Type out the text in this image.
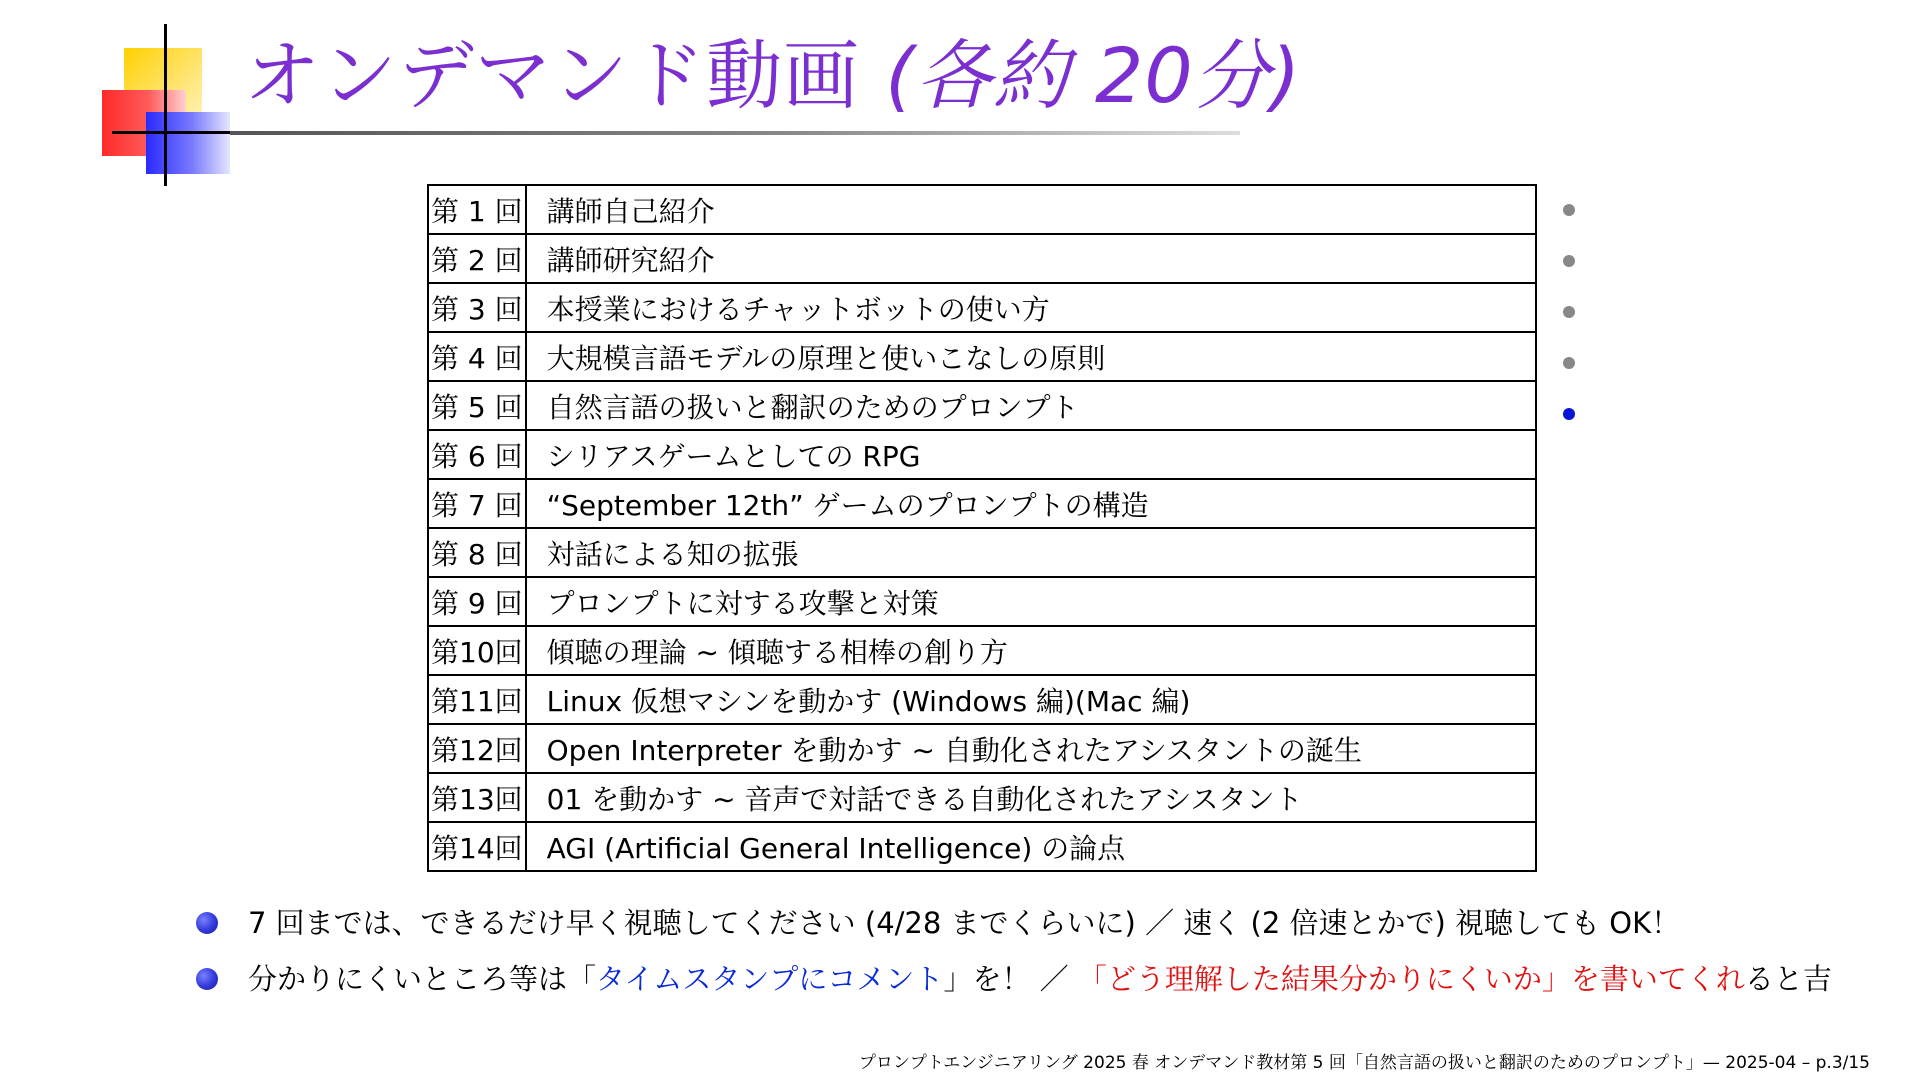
オンデマンド動画 (各約 20分)
第 1 回	講師自己紹介
第 2 回	講師研究紹介
第 3 回	本授業におけるチャットボットの使い方
第 4 回	大規模言語モデルの原理と使いこなしの原則
第 5 回	自然言語の扱いと翻訳のためのプロンプト
第 6 回	シリアスゲームとしての RPG
第 7 回	“September 12th” ゲームのプロンプトの構造
第 8 回	対話による知の拡張
第 9 回	プロンプトに対する攻撃と対策
第10回	傾聴の理論 ∼ 傾聴する相棒の創り方
第11回	Linux 仮想マシンを動かす (Windows 編)(Mac 編)
第12回	Open Interpreter を動かす ∼ 自動化されたアシスタントの誕生
第13回	01 を動かす ∼ 音声で対話できる自動化されたアシスタント
第14回	AGI (Artificial General Intelligence) の論点
7 回までは、できるだけ早く視聴してください (4/28 までくらいに) ／ 速く (2 倍速とかで) 視聴しても OK！
分かりにくいところ等は「タイムスタンプにコメント」を！ ／ 「どう理解した結果分かりにくいか」を書いてくれると吉
プロンプトエンジニアリング 2025 春 オンデマンド教材第 5 回「自然言語の扱いと翻訳のためのプロンプト」— 2025-04 – p.3/15
